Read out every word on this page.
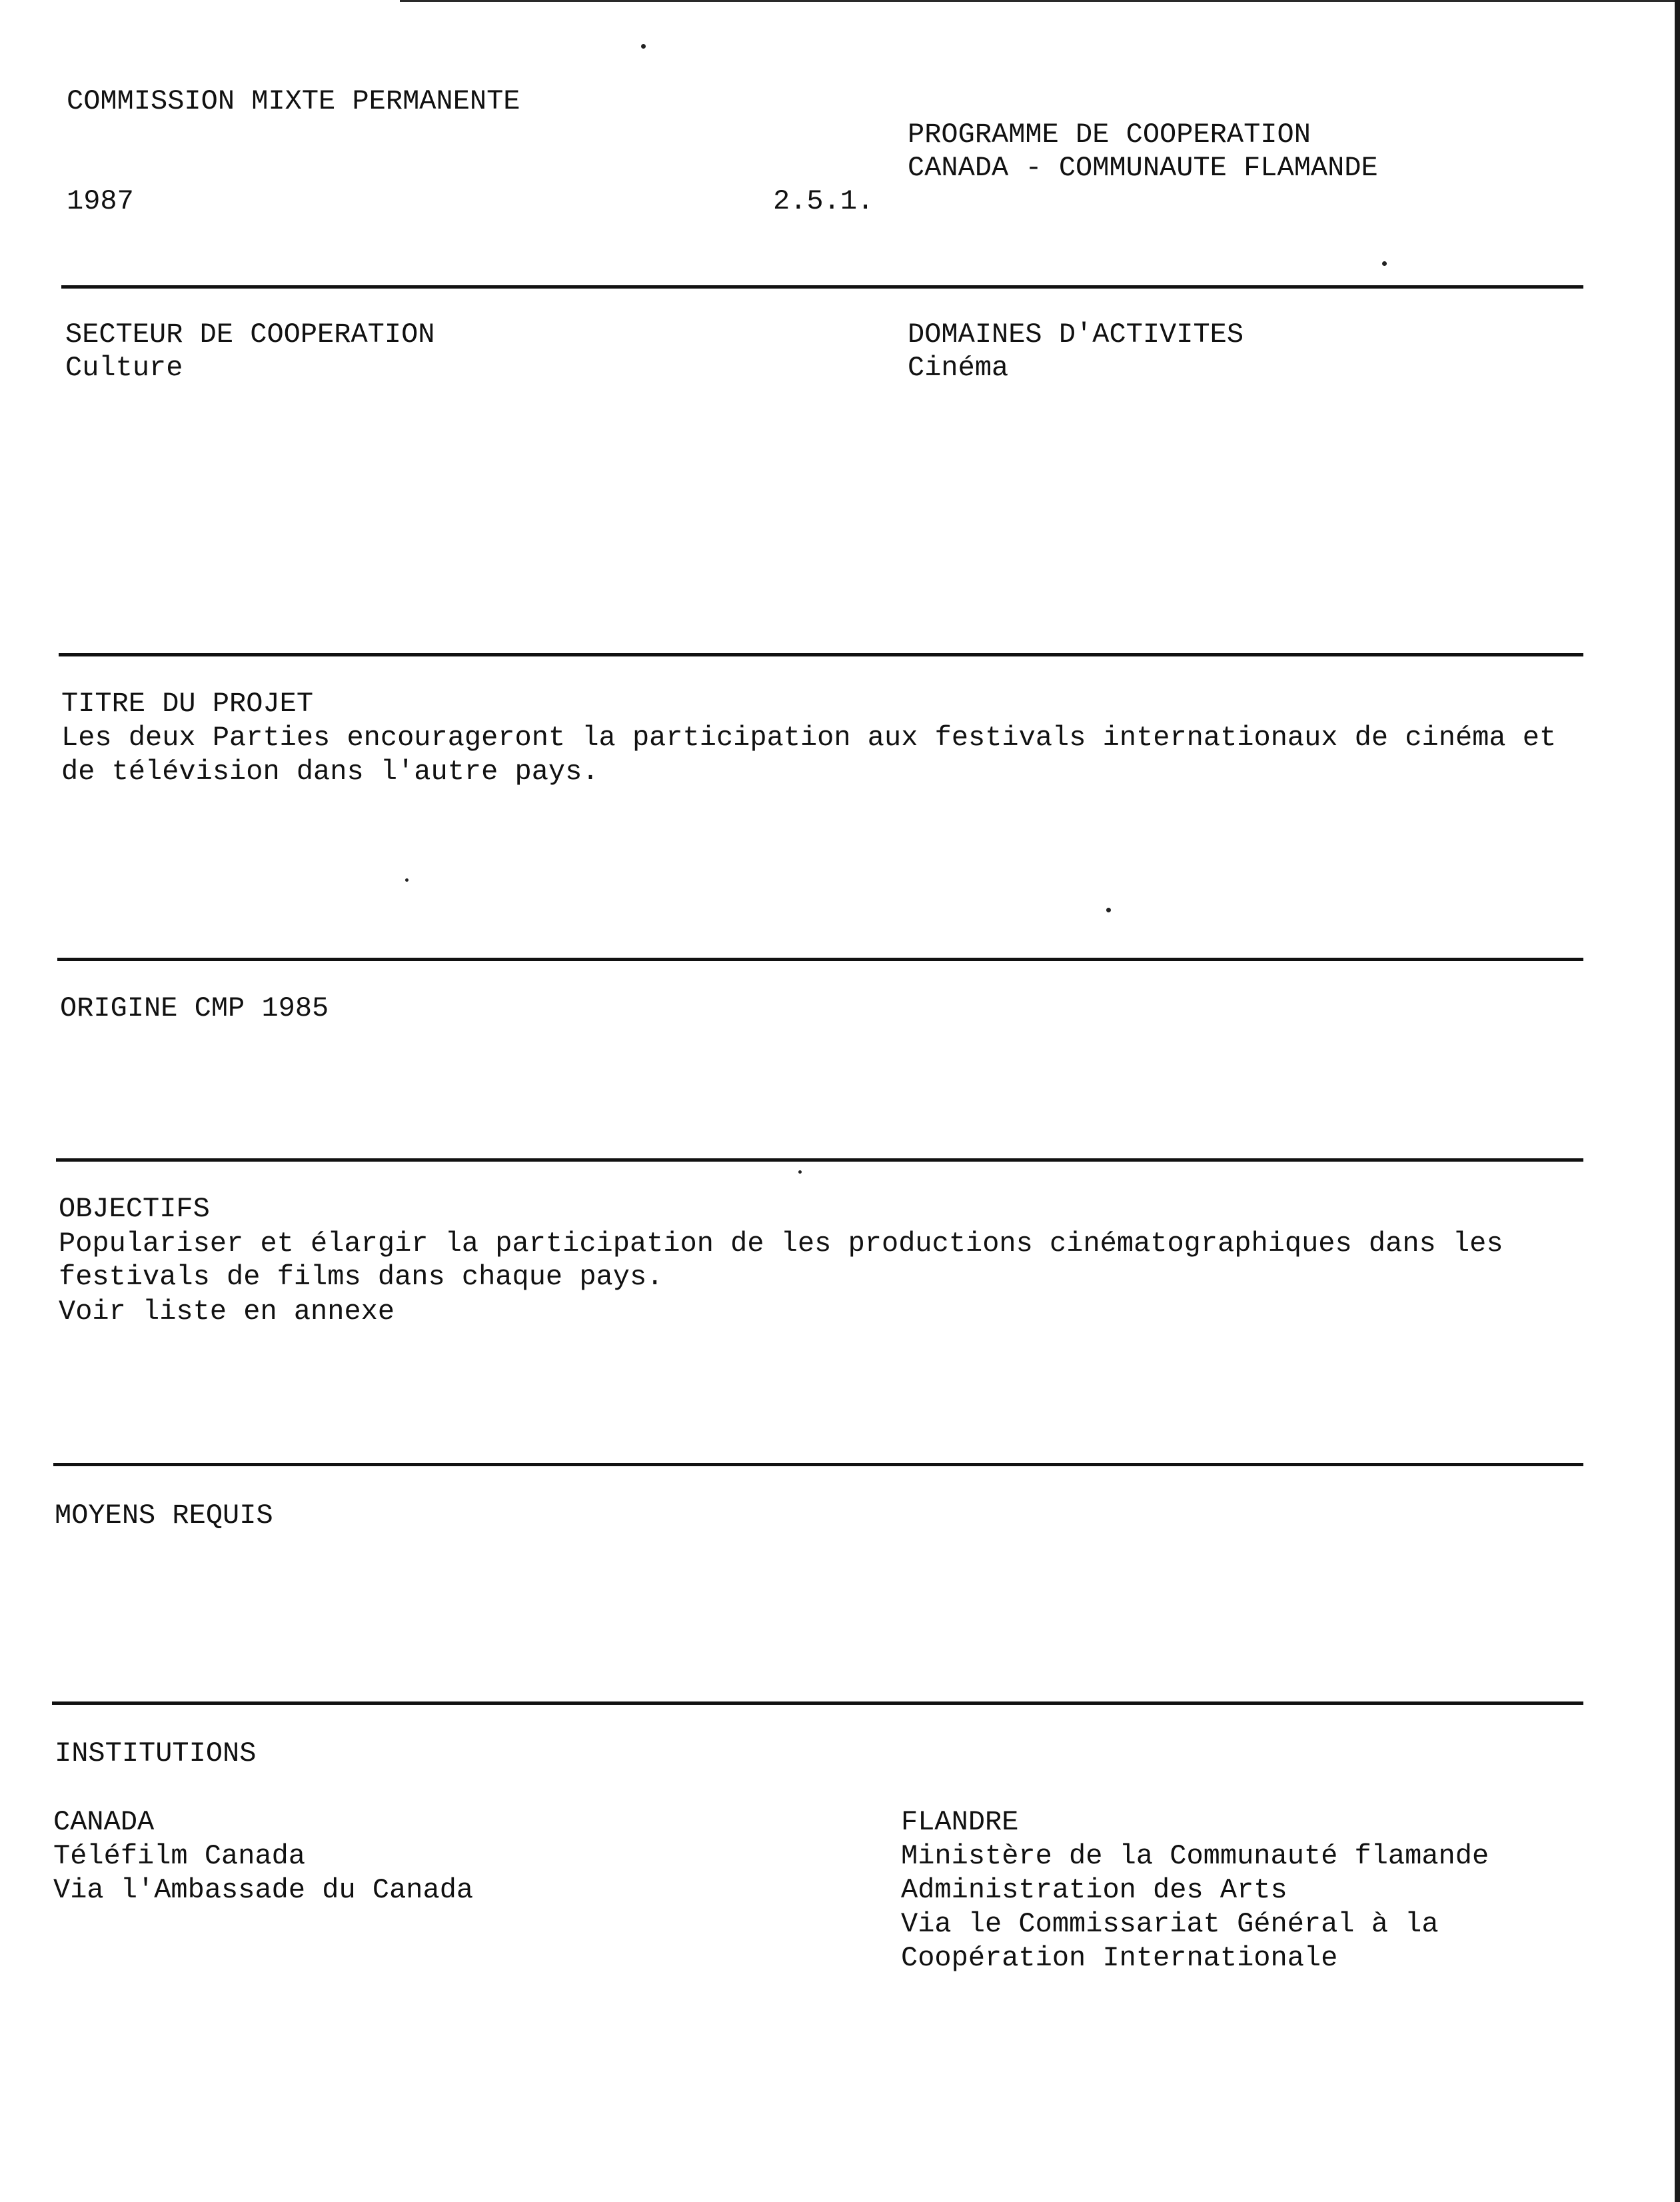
COMMISSION MIXTE PERMANENTE

PROGRAMME DE COOPERATION

CANADA - COMMUNAUTE FLAMANDE

1987	2.5.1.

SECTEUR DE COOPERATION

Culture

DOMAINES D'ACTIVITES

Cinéma

TITRE DU PROJET

Les deux Parties encourageront la participation aux festivals internationaux de cinéma et

de télévision dans l'autre pays.

ORIGINE CMP 1985

OBJECTIFS

Populariser et élargir la participation de les productions cinématographiques dans les

festivals de films dans chaque pays.

Voir liste en annexe

MOYENS REQUIS

INSTITUTIONS

CANADA

Téléfilm Canada

Via l'Ambassade du Canada

FLANDRE

Ministère de la Communauté flamande

Administration des Arts

Via le Commissariat Général à la

Coopération Internationale
